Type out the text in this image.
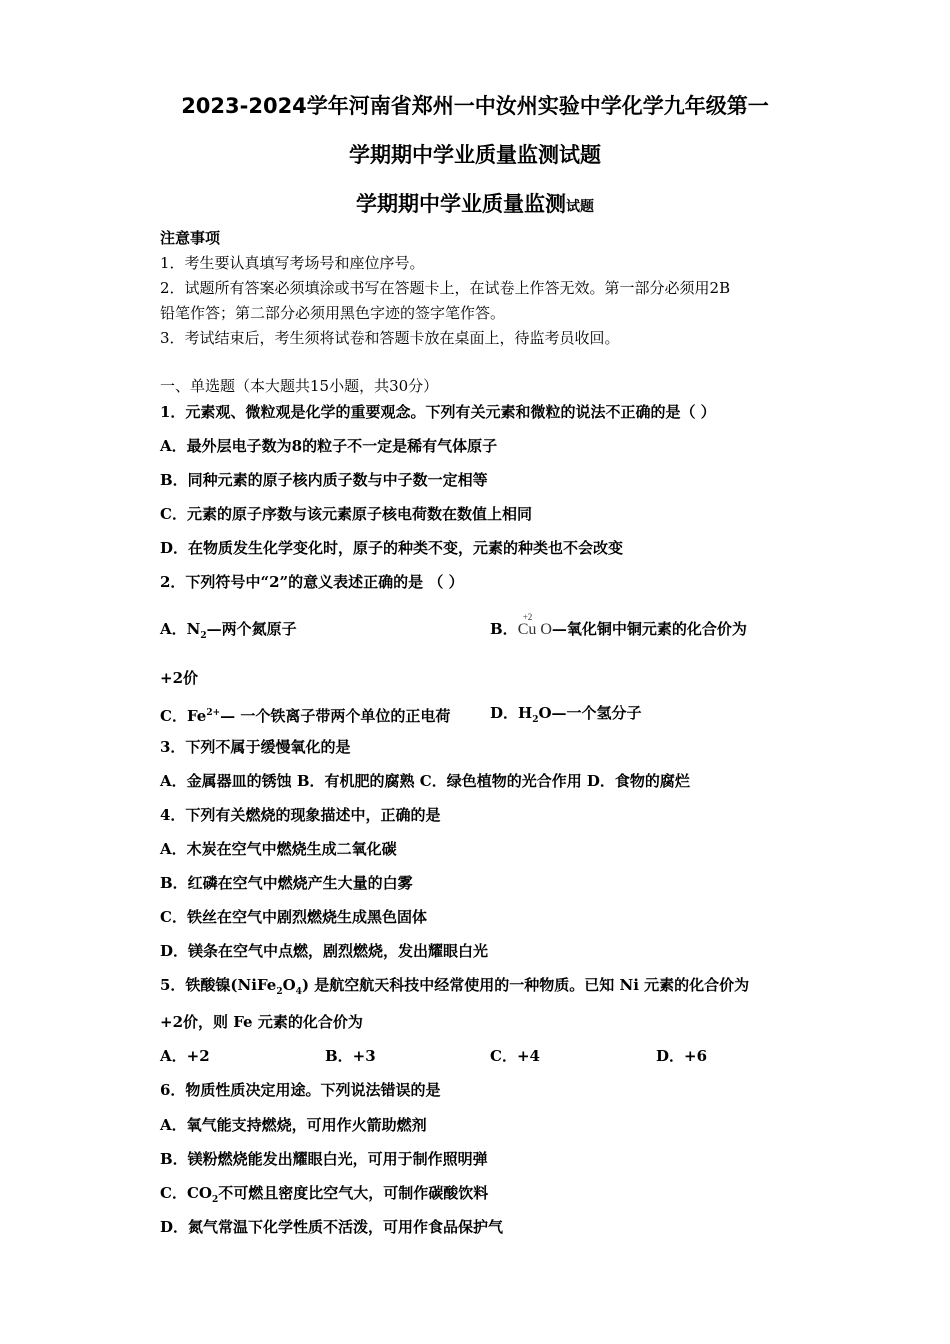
2023-2024学年河南省郑州一中汝州实验中学化学九年级第一
学期期中学业质量监测试题
学期期中学业质量监测试题
注意事项
1．考生要认真填写考场号和座位序号。
2．试题所有答案必须填涂或书写在答题卡上，在试卷上作答无效。第一部分必须用2B
铅笔作答；第二部分必须用黑色字迹的签字笔作答。
3．考试结束后，考生须将试卷和答题卡放在桌面上，待监考员收回。
一、单选题（本大题共15小题，共30分）
1．元素观、微粒观是化学的重要观念。下列有关元素和微粒的说法不正确的是（ ）
A．最外层电子数为8的粒子不一定是稀有气体原子
B．同种元素的原子核内质子数与中子数一定相等
C．元素的原子序数与该元素原子核电荷数在数值上相同
D．在物质发生化学变化时，原子的种类不变，元素的种类也不会改变
2．下列符号中“2”的意义表述正确的是 （ ）
A．$N_2—$两个氮原子	B．
+2
Cu O—氧化铜中铜元素的化合价为
+2价
C．$Fe^{2+}—$ 一个铁离子带两个单位的正电荷	D．$H_2O—$一个氢分子
3．下列不属于缓慢氧化的是
A．金属器皿的锈蚀 B．有机肥的腐熟 C．绿色植物的光合作用 D．食物的腐烂
4．下列有关燃烧的现象描述中，正确的是
A．木炭在空气中燃烧生成二氧化碳
B．红磷在空气中燃烧产生大量的白雾
C．铁丝在空气中剧烈燃烧生成黑色固体
D．镁条在空气中点燃，剧烈燃烧，发出耀眼白光
5．铁酸镍$(NiFe_2O_4)$ 是航空航天科技中经常使用的一种物质。已知 Ni 元素的化合价为
+2价，则 Fe 元素的化合价为
A．+2	B．+3	C．+4	D．+6
6．物质性质决定用途。下列说法错误的是
A．氧气能支持燃烧，可用作火箭助燃剂
B．镁粉燃烧能发出耀眼白光，可用于制作照明弹
C．$CO_2$不可燃且密度比空气大，可制作碳酸饮料
D．氮气常温下化学性质不活泼，可用作食品保护气
